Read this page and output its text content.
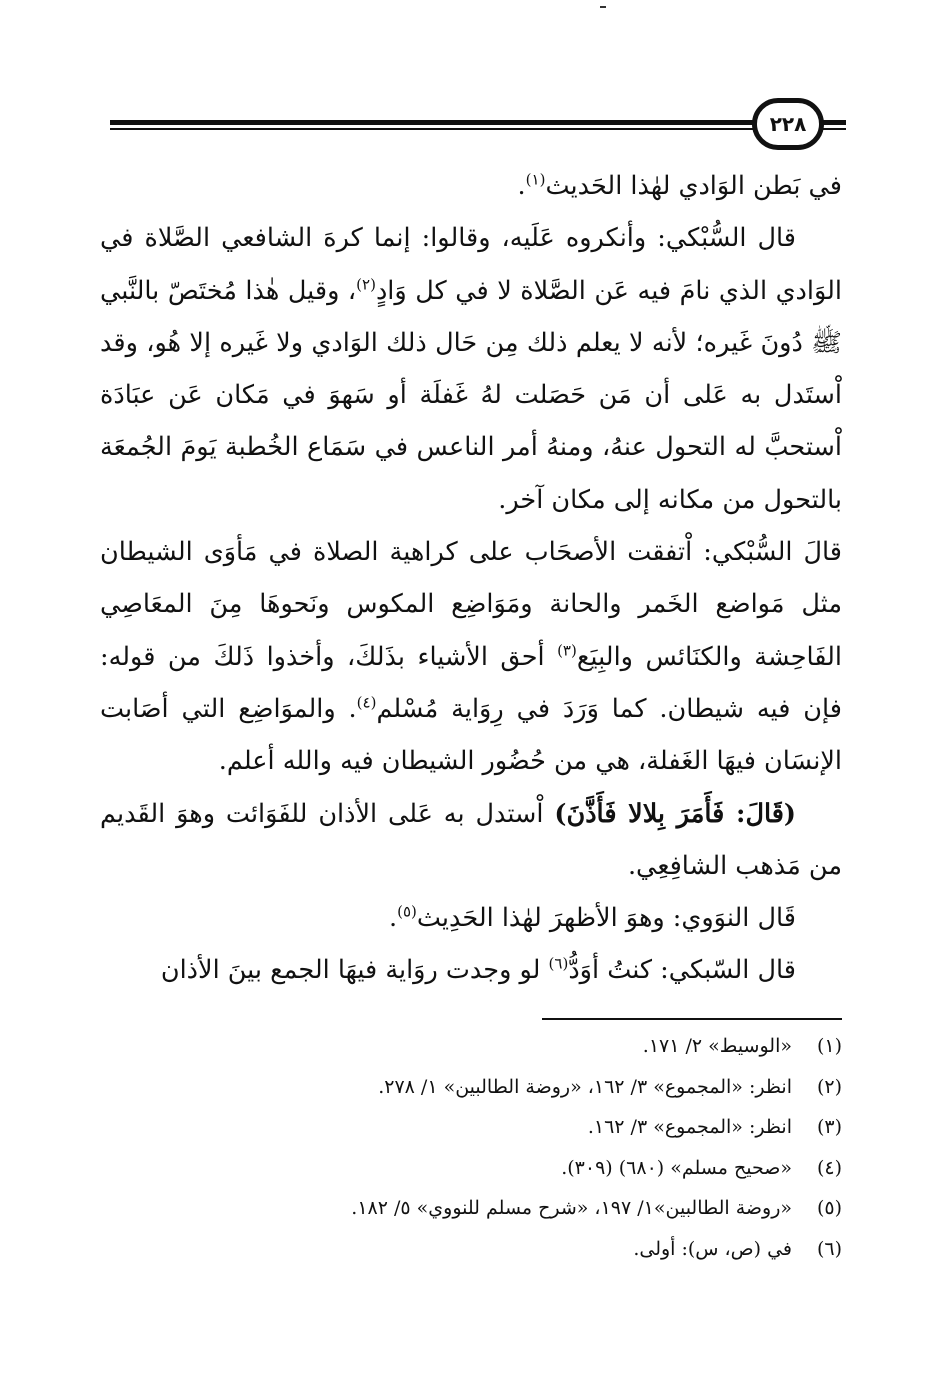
٢٢٨

في بَطن الوَادي لهٰذا الحَديث$^{(١)}$.

قال السُّبْكي: وأنكروه عَلَيه، وقالوا: إنما كرهَ الشافعي الصَّلاة في الوَادي الذي نامَ فيه عَن الصَّلاة لا في كل وَادٍ$^{(٢)}$، وقيل هٰذا مُختَصّ بالنَّبي ﷺ دُونَ غَيره؛ لأنه لا يعلم ذلك مِن حَال ذلك الوَادي ولا غَيره إلا هُو، وقد اْستَدل به عَلى أن مَن حَصَلت لهُ غَفلَة أو سَهوَ في مَكان عَن عبَادَة اْستحبَّ له التحول عنهُ، ومنهُ أمر الناعس في سَمَاع الخُطبة يَومَ الجُمعَة بالتحول من مكانه إلى مكان آخر.

قالَ السُّبْكي: اْتفقت الأصحَاب على كراهية الصلاة في مَأوَى الشيطان مثل مَواضع الخَمر والحانة ومَوَاضِع المكوس ونَحوهَا مِنَ المعَاصِي الفَاحِشة والكنَائس والبِيَع$^{(٣)}$ أحق الأشياء بذَلكَ، وأخذوا ذَلكَ من قوله: فإن فيه شيطان. كما وَرَدَ في رِوَاية مُسْلم$^{(٤)}$. والموَاضِع التي أصَابت الإنسَان فيهَا الغَفلة، هي من حُضُور الشيطان فيه والله أعلم.

(قَالَ: فَأَمَرَ بِلالا فَأَذَّنَ) اْستدل به عَلى الأذان للفَوَائت وهوَ القَديم من مَذهب الشافِعِي.

قَال النوَوي: وهوَ الأظهرَ لهٰذا الحَدِيث$^{(٥)}$.

قال السّبكي: كنتُ أوَدُّ$^{(٦)}$ لو وجدت روَاية فيهَا الجمع بينَ الأذان

(١)
«الوسيط» ٢/ ١٧١.
(٢)
انظر: «المجموع» ٣/ ١٦٢، «روضة الطالبين» ١/ ٢٧٨.
(٣)
انظر: «المجموع» ٣/ ١٦٢.
(٤)
«صحيح مسلم» (٦٨٠) (٣٠٩).
(٥)
«روضة الطالبين»١/ ١٩٧، «شرح مسلم للنووي» ٥/ ١٨٢.
(٦)
في (ص، س): أولى.
